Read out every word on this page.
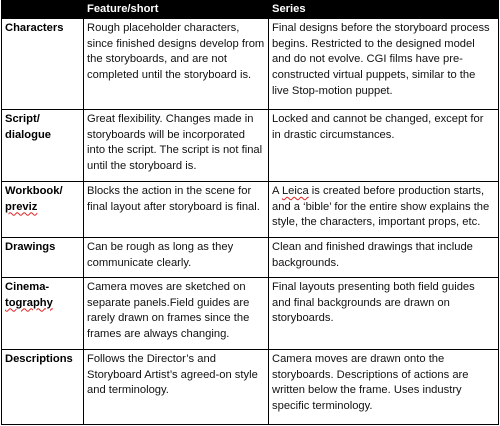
	Feature/short	Series
Characters	Rough placeholder characters, since finished designs develop from the storyboards, and are not completed until the storyboard is.	Final designs before the storyboard process begins. Restricted to the designed model and do not evolve. CGI films have pre-constructed virtual puppets, similar to the live Stop-motion puppet.
Script/
dialogue	Great flexibility. Changes made in storyboards will be incorporated into the script. The script is not final until the storyboard is.	Locked and cannot be changed, except for in drastic circumstances.
Workbook/
previz	Blocks the action in the scene for final layout after storyboard is final.	A Leica is created before production starts, and a ‘bible’ for the entire show explains the style, the characters, important props, etc.
Drawings	Can be rough as long as they communicate clearly.	Clean and finished drawings that include backgrounds.
Cinema-
tography	Camera moves are sketched on separate panels.Field guides are rarely drawn on frames since the frames are always changing.	Final layouts presenting both field guides and final backgrounds are drawn on storyboards.
Descriptions	Follows the Director’s and Storyboard Artist’s agreed-on style and terminology.	Camera moves are drawn onto the storyboards. Descriptions of actions are written below the frame. Uses industry specific terminology.
